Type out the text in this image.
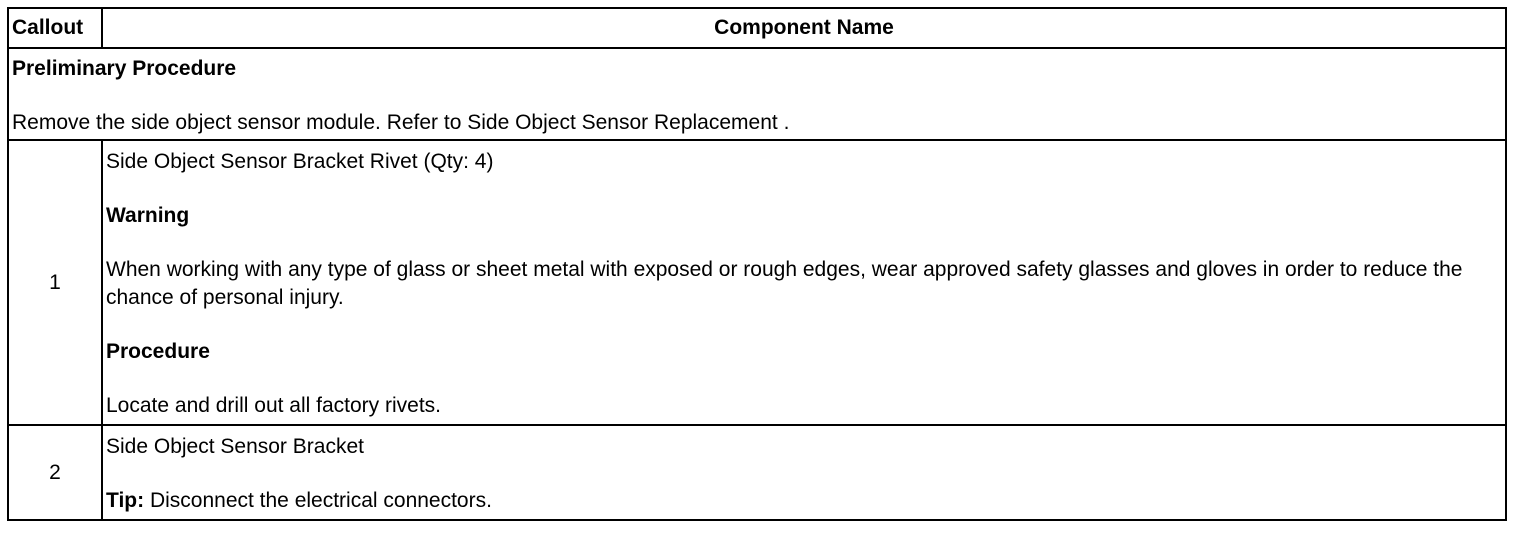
Callout	Component Name

Preliminary Procedure

Remove the side object sensor module. Refer to Side Object Sensor Replacement .	

1	Side Object Sensor Bracket Rivet (Qty: 4)

Warning

When working with any type of glass or sheet metal with exposed or rough edges, wear approved safety glasses and gloves in order to reduce the chance of personal injury.

Procedure

Locate and drill out all factory rivets.

2	Side Object Sensor Bracket

Tip: Disconnect the electrical connectors.
